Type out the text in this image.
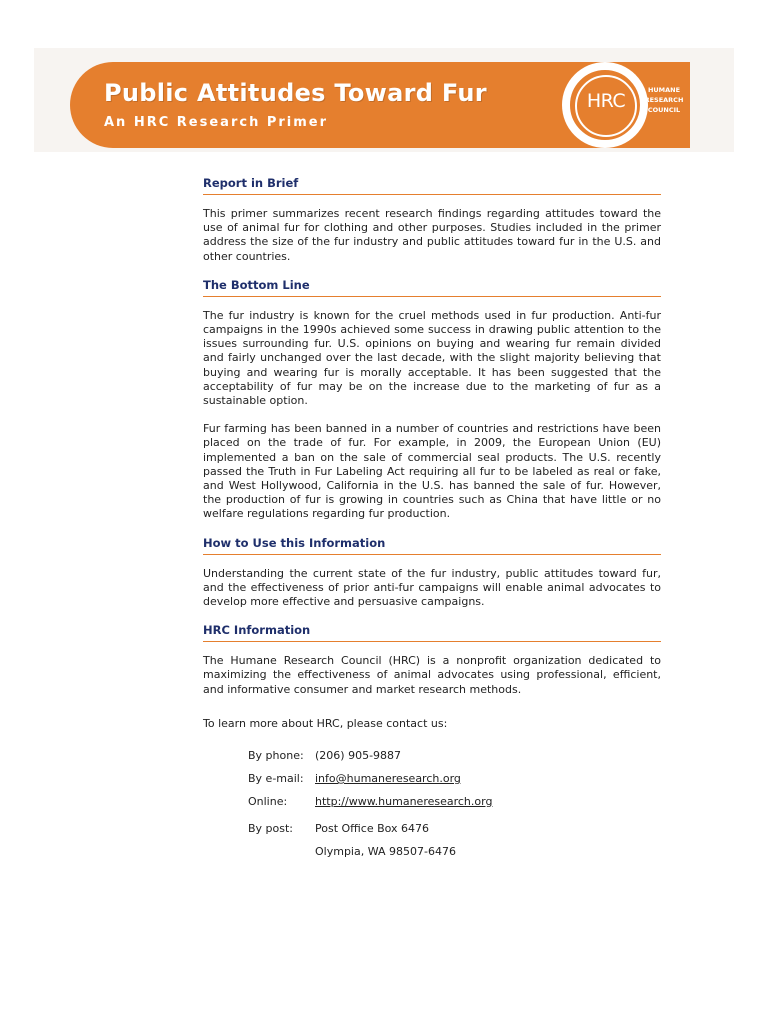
Public Attitudes Toward Fur
An HRC Research Primer
HRC	HUMANE
RESEARCH
COUNCIL
Report in Brief

This primer summarizes recent research findings regarding attitudes toward the use of animal fur for clothing and other purposes. Studies included in the primer address the size of the fur industry and public attitudes toward fur in the U.S. and other countries.

The Bottom Line

The fur industry is known for the cruel methods used in fur production. Anti-fur campaigns in the 1990s achieved some success in drawing public attention to the issues surrounding fur. U.S. opinions on buying and wearing fur remain divided and fairly unchanged over the last decade, with the slight majority believing that buying and wearing fur is morally acceptable. It has been suggested that the acceptability of fur may be on the increase due to the marketing of fur as a sustainable option.

Fur farming has been banned in a number of countries and restrictions have been placed on the trade of fur. For example, in 2009, the European Union (EU) implemented a ban on the sale of commercial seal products. The U.S. recently passed the Truth in Fur Labeling Act requiring all fur to be labeled as real or fake, and West Hollywood, California in the U.S. has banned the sale of fur. However, the production of fur is growing in countries such as China that have little or no welfare regulations regarding fur production.

How to Use this Information

Understanding the current state of the fur industry, public attitudes toward fur, and the effectiveness of prior anti-fur campaigns will enable animal advocates to develop more effective and persuasive campaigns.

HRC Information

The Humane Research Council (HRC) is a nonprofit organization dedicated to maximizing the effectiveness of animal advocates using professional, efficient, and informative consumer and market research methods.

To learn more about HRC, please contact us:

By phone:	(206) 905-9887
By e-mail:	info@humaneresearch.org
Online:	http://www.humaneresearch.org
By post:	Post Office Box 6476
Olympia, WA 98507-6476
